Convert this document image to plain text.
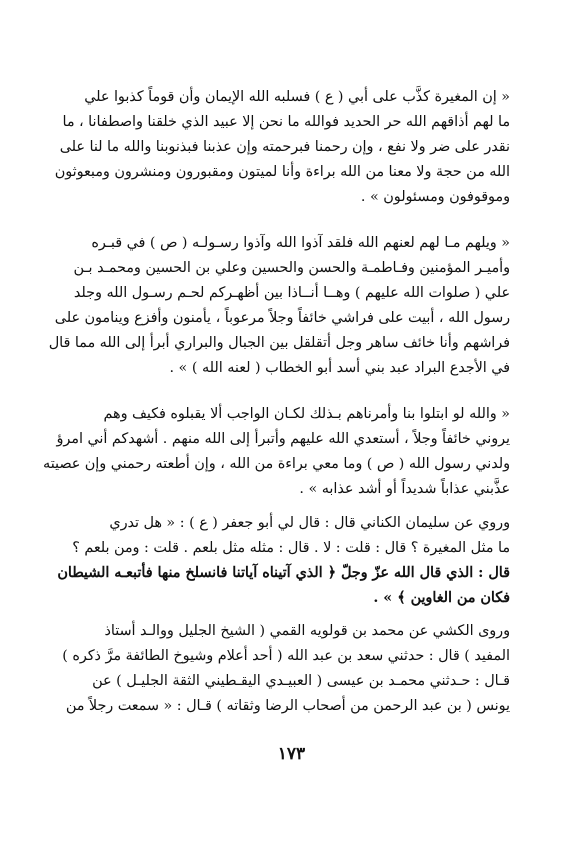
« إن المغيرة كذَّب على أبي ( ع ) فسلبه الله الإيمان وأن قوماً كذبوا علي
ما لهم أذاقهم الله حر الحديد فوالله ما نحن إلا عبيد الذي خلقنا واصطفانا ، ما
نقدر على ضر ولا نفع ، وإن رحمنا فبرحمته وإن عذبنا فبذنوبنا والله ما لنا على
الله من حجة ولا معنا من الله براءة وأنا لميتون ومقبورون ومنشرون ومبعوثون
وموقوفون ومسئولون » .
« ويلهم مـا لهم لعنهم الله فلقد آذوا الله وآذوا رسـولـه ( ص ) في قبـره
وأميـر المؤمنين وفـاطمـة والحسن والحسين وعلي بن الحسين ومحمـد بـن
علي ( صلوات الله عليهم ) وهــا أنــاذا بين أظهـركم لحـم رسـول الله وجلد
رسول الله ، أبيت على فراشي خائفاً وجلاً مرعوباً ، يأمنون وأفزع وينامون على
فراشهم وأنا خائف ساهر وجل أتقلقل بين الجبال والبراري أبرأ إلى الله مما قال
في الأجدع البراد عبد بني أسد أبو الخطاب ( لعنه الله ) » .
« والله لو ابتلوا بنا وأمرناهم بـذلك لكـان الواجب ألا يقبلوه فكيف وهم
يروني خائفاً وجلاً ، أستعدي الله عليهم وأتبرأ إلى الله منهم . أشهدكم أني امرؤ
ولدني رسول الله ( ص ) وما معي براءة من الله ، وإن أطعته رحمني وإن عصيته
عذَّبني عذاباً شديداً أو أشد عذابه » .
وروي عن سليمان الكناني قال : قال لي أبو جعفر ( ع ) : « هل تدري
ما مثل المغيرة ؟ قال : قلت : لا . قال : مثله مثل بلعم . قلت : ومن بلعم ؟
قال : الذي قال الله عزّ وجلّ ﴿ الذي آتيناه آياتنا فانسلخ منها فأتبعـه الشيطان
فكان من الغاوين ﴾ » .
وروى الكشي عن محمد بن قولويه القمي ( الشيخ الجليل ووالـد أستاذ
المفيد ) قال : حدثني سعد بن عبد الله ( أحد أعلام وشيوخ الطائفة مرَّ ذكره )
قـال : حـدثني محمـد بن عيسى ( العبيـدي اليقـطيني الثقة الجليـل ) عن
يونس ( بن عبد الرحمن من أصحاب الرضا وثقاته ) قـال : « سمعت رجلاً من
١٧٣
